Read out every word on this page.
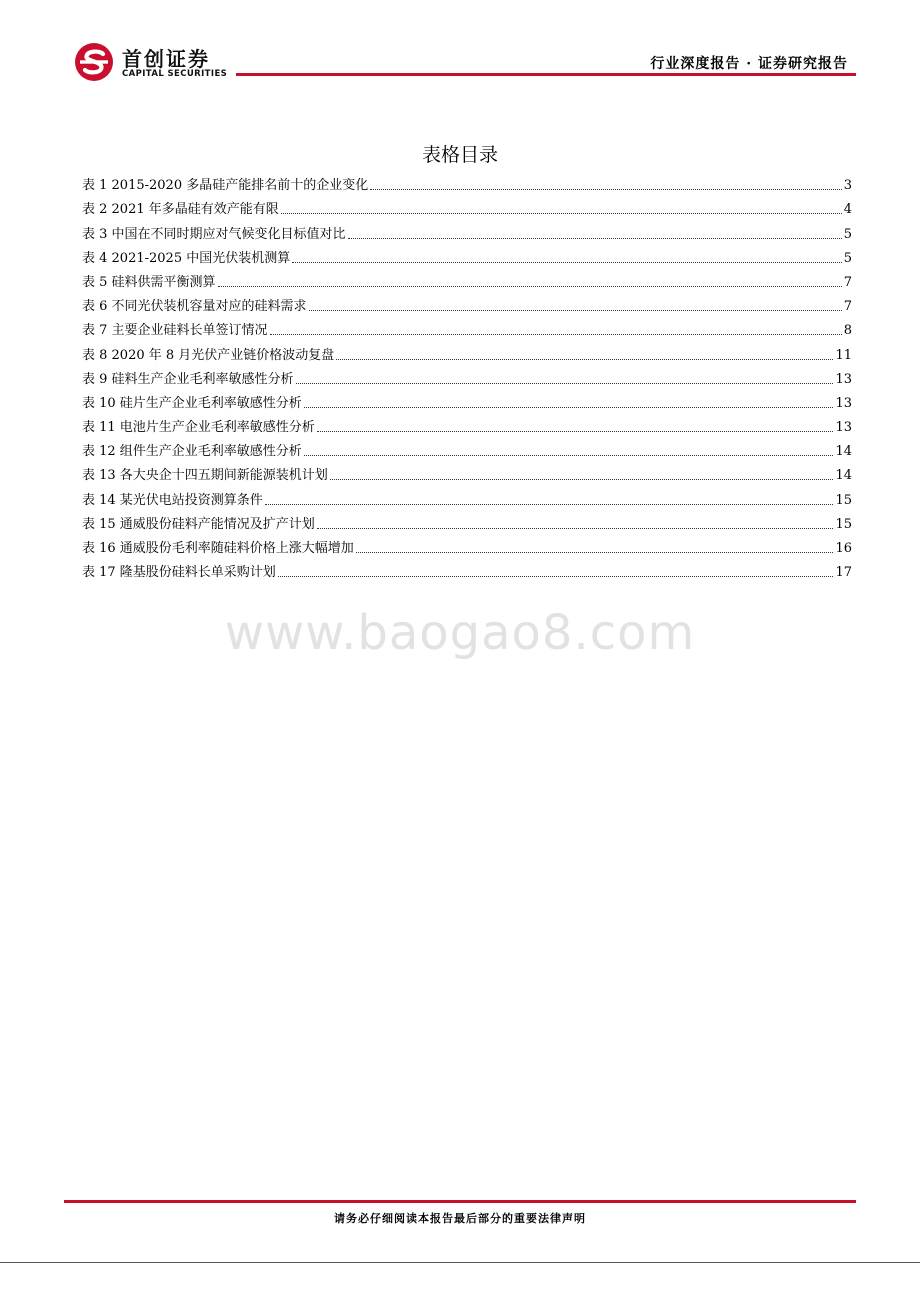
首创证券
CAPITAL SECURITIES
行业深度报告 · 证券研究报告
表格目录
表 1 2015-2020 多晶硅产能排名前十的企业变化	3
表 2 2021 年多晶硅有效产能有限	4
表 3 中国在不同时期应对气候变化目标值对比	5
表 4 2021-2025 中国光伏装机测算	5
表 5 硅料供需平衡测算	7
表 6 不同光伏装机容量对应的硅料需求	7
表 7 主要企业硅料长单签订情况	8
表 8 2020 年 8 月光伏产业链价格波动复盘	11
表 9 硅料生产企业毛利率敏感性分析	13
表 10 硅片生产企业毛利率敏感性分析	13
表 11 电池片生产企业毛利率敏感性分析	13
表 12 组件生产企业毛利率敏感性分析	14
表 13 各大央企十四五期间新能源装机计划	14
表 14 某光伏电站投资测算条件	15
表 15 通威股份硅料产能情况及扩产计划	15
表 16 通威股份毛利率随硅料价格上涨大幅增加	16
表 17 隆基股份硅料长单采购计划	17
www.baogao8.com
请务必仔细阅读本报告最后部分的重要法律声明
